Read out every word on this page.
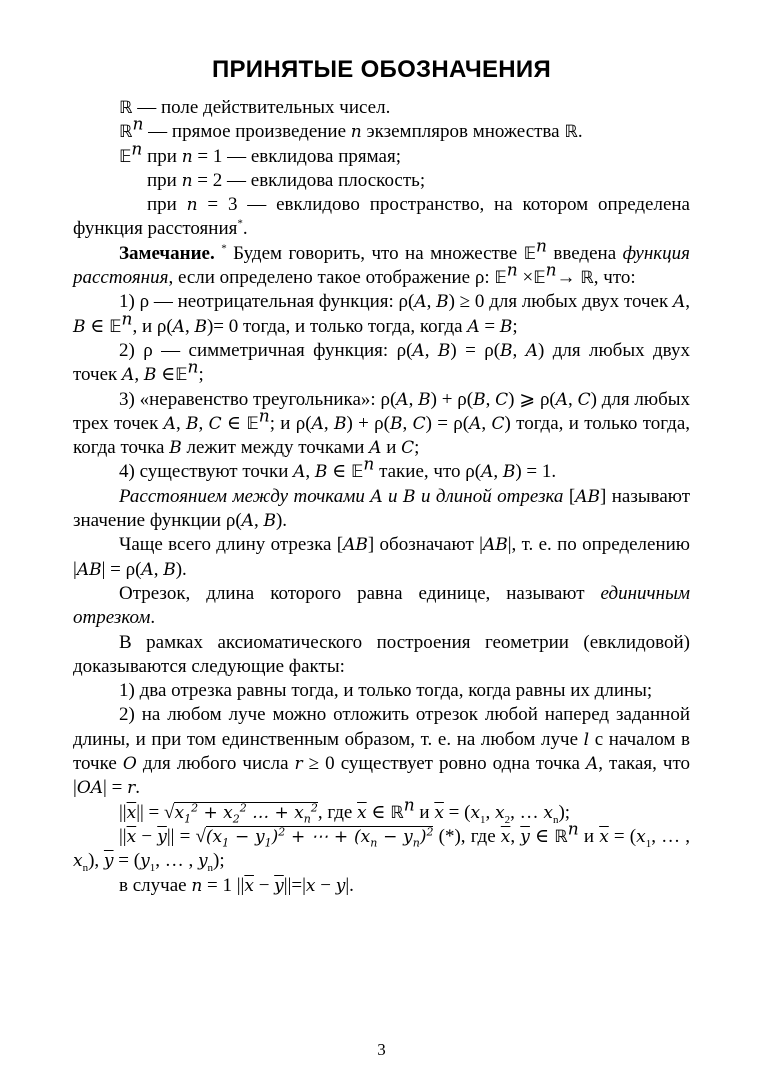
ПРИНЯТЫЕ ОБОЗНАЧЕНИЯ

ℝ — поле действительных чисел.

ℝ$^n$ — прямое произведение n экземпляров множества ℝ.

𝔼$^n$ при n = 1 — евклидова прямая;

при n = 2 — евклидова плоскость;

при n = 3 — евклидово пространство, на котором определена функция расстояния*.

Замечание. * Будем говорить, что на множестве 𝔼$^n$ введена функция расстояния, если определено такое отображение ρ: 𝔼$^n$ ×𝔼$^n$→ ℝ, что:

1) ρ — неотрицательная функция: ρ(A, B) ≥ 0 для любых двух точек A, B ∈ 𝔼$^n$, и ρ(A, B)= 0 тогда, и только тогда, когда A = B;

2) ρ — симметричная функция: ρ(A, B) = ρ(B, A) для любых двух точек A, B ∈𝔼$^n$;

3) «неравенство треугольника»: ρ(A, B) + ρ(B, C) ⩾ ρ(A, C) для любых трех точек A, B, C ∈ 𝔼$^n$; и ρ(A, B) + ρ(B, C) = ρ(A, C) тогда, и только тогда, когда точка B лежит между точками A и C;

4) существуют точки A, B ∈ 𝔼$^n$ такие, что ρ(A, B) = 1.

Расстоянием между точками A и B и длиной отрезка [AB] называют значение функции ρ(A, B).

Чаще всего длину отрезка [AB] обозначают |AB|, т. е. по определению |AB| = ρ(A, B).

Отрезок, длина которого равна единице, называют единичным отрезком.

В рамках аксиоматического построения геометрии (евклидовой) доказываются следующие факты:

1) два отрезка равны тогда, и только тогда, когда равны их длины;

2) на любом луче можно отложить отрезок любой наперед заданной длины, и при том единственным образом, т. е. на любом луче l с началом в точке O для любого числа r ≥ 0 существует ровно одна точка A, такая, что |OA| = r.

$||\overline{x}|| = √x_1^2 + x_2^2$ … + $x_n^2$, где $\overline{x}$ ∈ ℝ$^n$ и $\overline{x} = (x_1$, $x_2$, … $x_n$);

$||\overline{x} - \overline{y}|| = √(x_1 - y_1)^2$ + ⋯ + $(x_n - y_n)^2$ (*), где $\overline{x}$, $\overline{y}$ ∈ ℝ$^n$ и $\overline{x} = (x_1$, … , $x_n$), $\overline{y} = (y_1$, … , $y_n$);

в случае n = 1 $||\overline{x} - \overline{y}||=|x - y|$.

3
